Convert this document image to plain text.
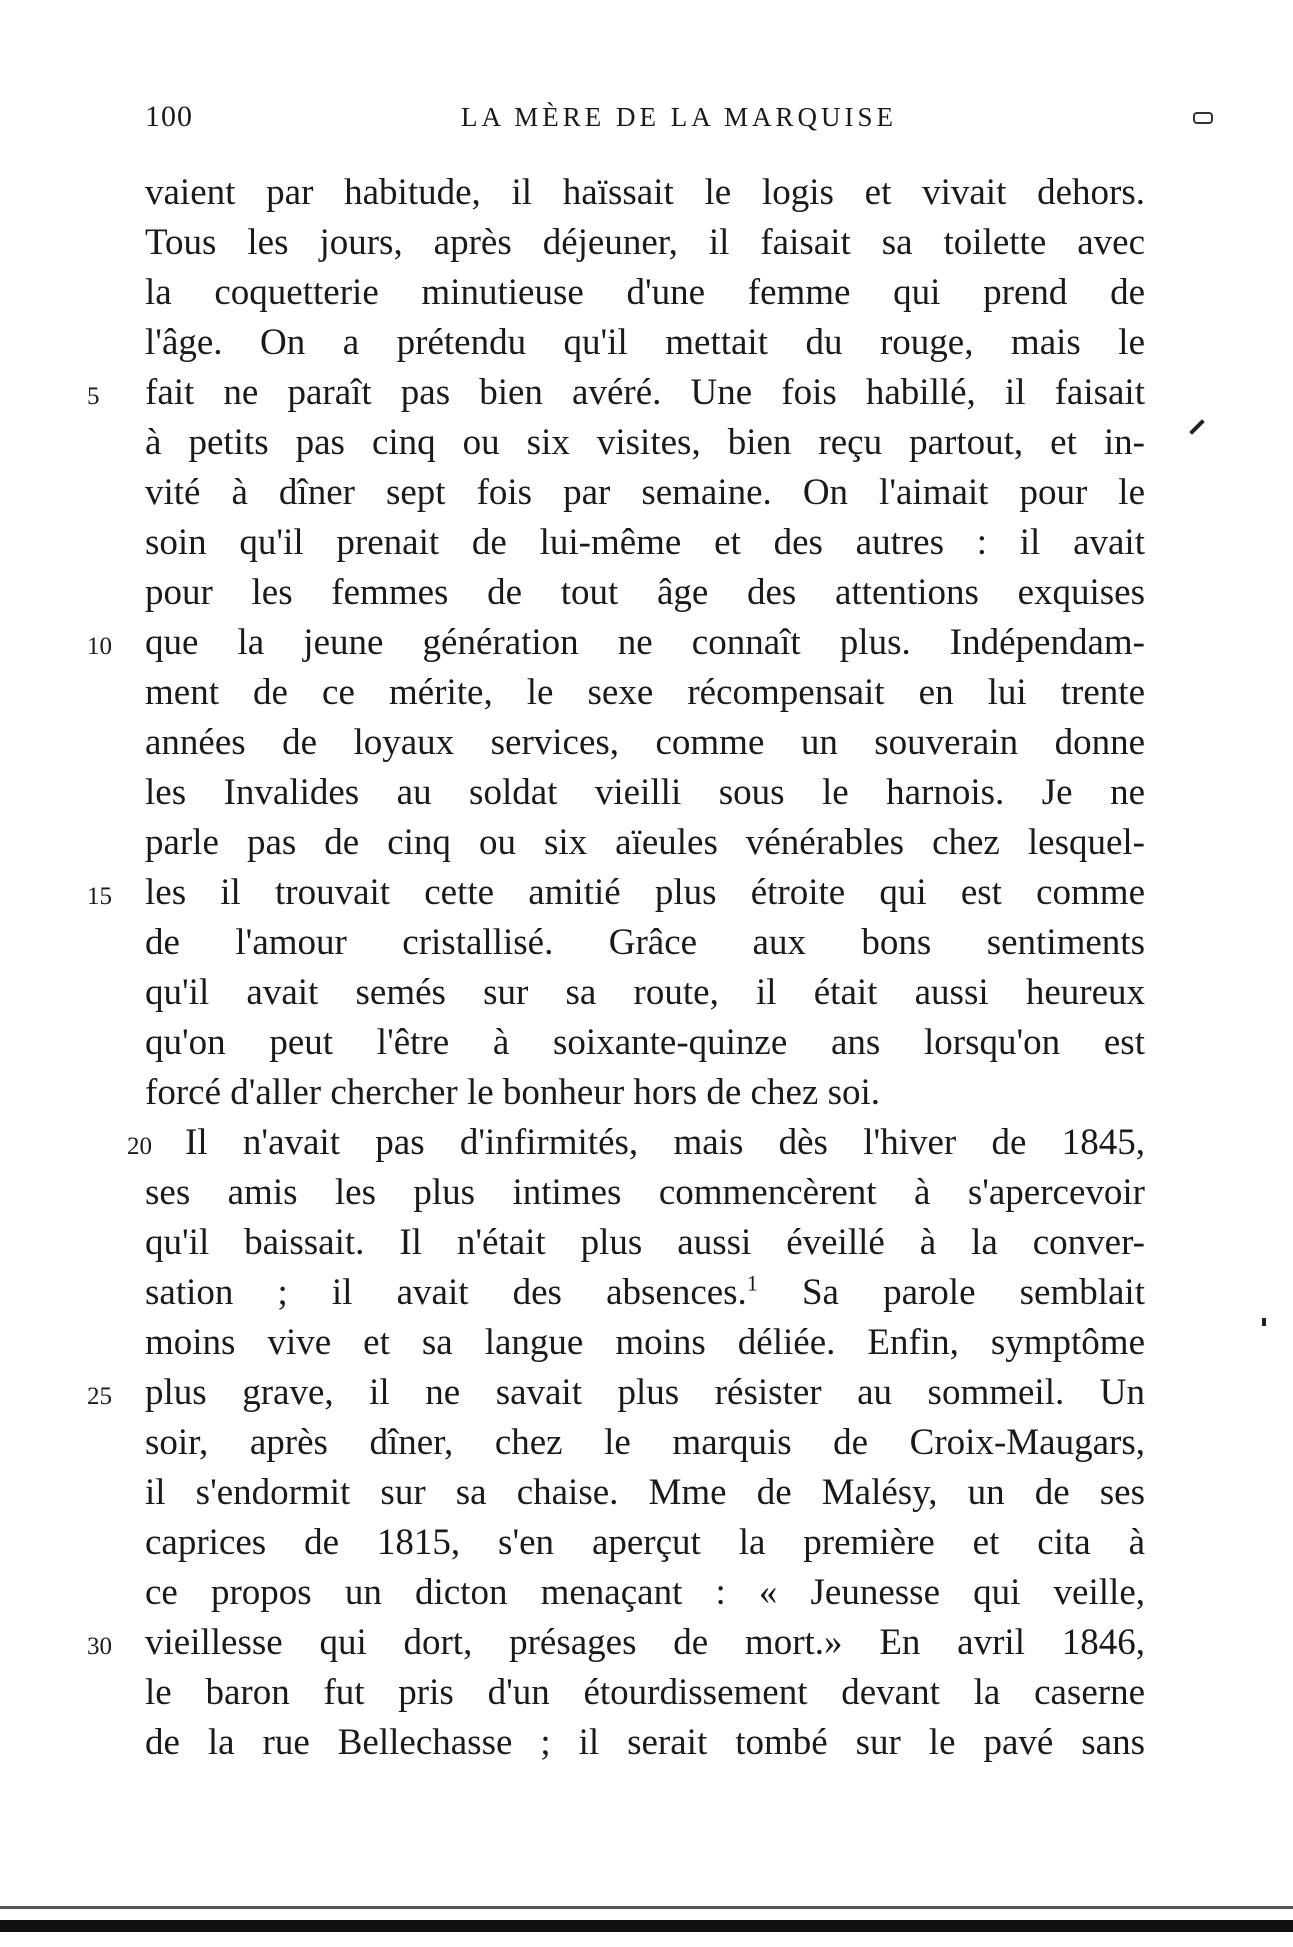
100	LA MÈRE DE LA MARQUISE
vaient par habitude, il haïssait le logis et vivait dehors.
Tous les jours, après déjeuner, il faisait sa toilette avec
la coquetterie minutieuse d'une femme qui prend de
l'âge. On a prétendu qu'il mettait du rouge, mais le
5	fait ne paraît pas bien avéré. Une fois habillé, il faisait
à petits pas cinq ou six visites, bien reçu partout, et in-
vité à dîner sept fois par semaine. On l'aimait pour le
soin qu'il prenait de lui-même et des autres : il avait
pour les femmes de tout âge des attentions exquises
10 que la jeune génération ne connaît plus. Indépendam-
ment de ce mérite, le sexe récompensait en lui trente
années de loyaux services, comme un souverain donne
les Invalides au soldat vieilli sous le harnois. Je ne
parle pas de cinq ou six aïeules vénérables chez lesquel-
15 les il trouvait cette amitié plus étroite qui est comme
de l'amour cristallisé. Grâce aux bons sentiments
qu'il avait semés sur sa route, il était aussi heureux
qu'on peut l'être à soixante-quinze ans lorsqu'on est
forcé d'aller chercher le bonheur hors de chez soi.
20 Il n'avait pas d'infirmités, mais dès l'hiver de 1845,
ses amis les plus intimes commencèrent à s'apercevoir
qu'il baissait. Il n'était plus aussi éveillé à la conver-
sation ; il avait des absences.$^1$ Sa parole semblait
moins vive et sa langue moins déliée. Enfin, symptôme
25 plus grave, il ne savait plus résister au sommeil. Un
soir, après dîner, chez le marquis de Croix-Maugars,
il s'endormit sur sa chaise. Mme de Malésy, un de ses
caprices de 1815, s'en aperçut la première et cita à
ce propos un dicton menaçant : « Jeunesse qui veille,
30 vieillesse qui dort, présages de mort.» En avril 1846,
le baron fut pris d'un étourdissement devant la caserne
de la rue Bellechasse ; il serait tombé sur le pavé sans
